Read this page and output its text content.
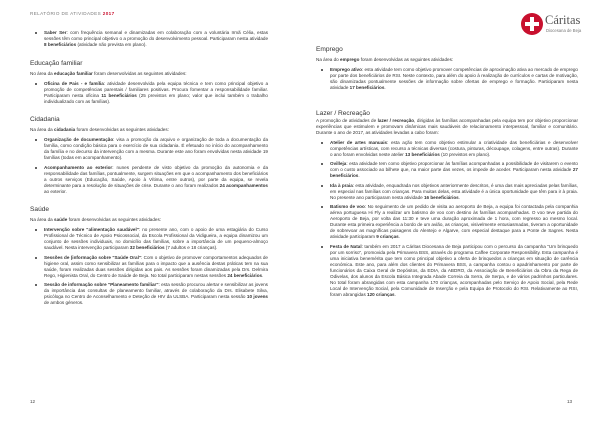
RELATÓRIO DE ATIVIDADES 2017	Cáritas
Diocesana de Beja
Saber Ser: com frequência semanal e dinamizadas em colaboração com a voluntária Irmã Célia, estas sessões têm como principal objetivo o a promoção do desenvolvimento pessoal. Participaram nesta atividade 8 beneficiários (atividade não prevista em plano).
Educação familiar

No área da educação familiar foram desenvolvidas as seguintes atividades:

Oficina de Pais - e família: atividade desenvolvida pela equipa técnica e tem como principal objetivo a promoção de competências parentais / familiares positivas. Procura fomentar a responsabilidade familiar. Participaram nesta oficina 11 beneficiários (25 previstos em plano; valor que inclui também o trabalho individualizado com as famílias).
Cidadania

Na área da cidadania foram desenvolvidas as seguintes atividades:

Organização de documentação: visa a promoção da arquivo e organização de toda a documentação da família, como condição básica para o exercício de sua cidadania. É efetuado no início do acompanhamento da família e no decurso da intervenção com a mesma. Durante este ano foram envolvidas nesta atividade 19 famílias (todas em acompanhamento).
Acompanhamento ao exterior: nunes pendente de visto objetivo da promoção da autonomia e da responsabilidade das famílias, pontualmente, surgem situações em que o acompanhamento dos beneficiários a outros serviços (Educação, Saúde, Apoio à Vítima, entre outros), por parte da equipa, se revela determinante para a resolução de situações de crise. Durante o ano foram realizados 24 acompanhamentos ao exterior.
Saúde

Na área da saúde foram desenvolvidas as seguintes atividades:

Intervenção sobre "alimentação saudável": no presente ano, com o apoio de uma estagiária do Curso Profissional de Técnico de Apoio Psicossocial, da Escola Profissional da Vidigueira, a equipa dinamizou um conjunto de sessões individuais, no domicílio das famílias, sobre a importância de um pequeno-almoço saudável. Nesta intervenção participaram 32 beneficiários (7 adultos e 18 crianças).
Sessões de (informação sobre "Saúde Oral": Com o objetivo de promover comportamentos adequados de higiene oral, assim como sensibilizar as famílias para o impacto que a ausência destas práticas tem na sua saúde, foram realizadas duas sessões dirigidas aos pais. As sessões foram dinamizadas pela Drs. Delmira Rego, Higienista Oral, do Centro de Saúde de Beja. No total participaram nestas sessões 24 beneficiários.
Sessão de informação sobre "Planeamento familiar": esta sessão procurou alertar e sensibilizar as jovens da importância das consultas de planeamento familiar, através de colaboração da Drs. Elisabete Silva, psicóloga no Centro de Aconselhamento e Deteção de HIV da ULSBA. Participaram nesta sessão 10 jovens de ambos géneros.
Emprego

Na área do emprego foram desenvolvidas as seguintes atividades:

Emprego ativo: esta atividade tem como objetivo promover competências de aproximação ativa ao mercado de emprego por parte dos beneficiários de RSI. Neste contexto, para além do apoio à realização de currículos e cartas de motivação, são dinamizadas pontualmente sessões de informação sobre ofertas de emprego e formação. Participaram nesta atividade 17 beneficiários.
Lazer / Recreação

A promoção de atividades de lazer / recreação, dirigidas às famílias acompanhadas pela equipa tem por objetivo proporcionar experiências que estimulem e promovam dinâmicas mais saudáveis de relacionamento interpessoal, familiar e comunitário. Durante o ano de 2017, as atividades levadas a cabo foram:

Atelier de artes manuais: esta ação tem como objetivo estimular a criatividade das beneficiárias e desenvolver competências artísticas, com recurso a técnicas diversas (costura, pinturas, découpage, colagens, entre outras). Durante o ano foram envolvidas neste atelier 13 beneficiários (10 previstos em plano).
Ovilleja: esta atividade tem como objetivo proporcionar às famílias acompanhadas a possibilidade de visitarem o evento com o custo associado ao bilhete que, na maior parte das vezes, os impede de aceder. Participaram nesta atividade 27 beneficiários.
Ida à praia: esta atividade, enquadrada nos objetivos anteriormente descritos, é uma das mais apreciadas pelas famílias, em especial nas famílias com crianças. Para muitas delas, esta atividade é a única oportunidade que têm para ir à praia. No presente ano participaram nesta atividade 16 beneficiários.
Batismo de voo: No seguimento de um pedido de visita ao aeroporto de Beja, a equipa foi contactada pela companhia aérea portuguesa Hi Fly a realizar um batismo de voo com destino às famílias acompanhadas. O voo teve partida do Aeroporto de Beja, por volta das 11:30 e teve uma duração aproximada de 1 hora, com regresso ao mesmo local. Durante esta primeira experiência a bordo de um avião, as crianças, visivelmente entusiasmadas, tiveram a oportunidade de sobrevoar as magníficas paisagens do Alentejo e Algarve, com especial destaque para a Ponte de Sagres. Nesta atividade participaram 9 crianças.
Festa de Natal: também em 2017 a Cáritas Diocesana de Beja participou com o percurso da campanha "Um brinquedo por um sorriso", promovida pela Primavera BSS, através do programa Caffee Corporate Responsibility. Esta campanha é uma iniciativa benemérita que tem como principal objetivo a oferta de brinquedos a crianças em situação de carência económica. Este ano, para além dos clientes do Primavera BSS, a campanha contou o apadrinhamento por parte de funcionários da Caixa Geral de Depósitos, da EDIA, da ABDRO, da Associação de Beneficiários da Obra da Rega de Odivelas, dos alunos da Escola Básica Integrada Abade Correia da Serra, de Serpa, e de vários padrinhos particulares. No total foram abrangidas com esta campanha 170 crianças, acompanhadas pelo Serviço de Apoio Social, pela Rede Local de Intervenção Social, pela Comunidade de Inserção e pela Equipa de Protocolo do RSI. Relativamente ao RSI, foram abrangidas 120 crianças.
12	13
